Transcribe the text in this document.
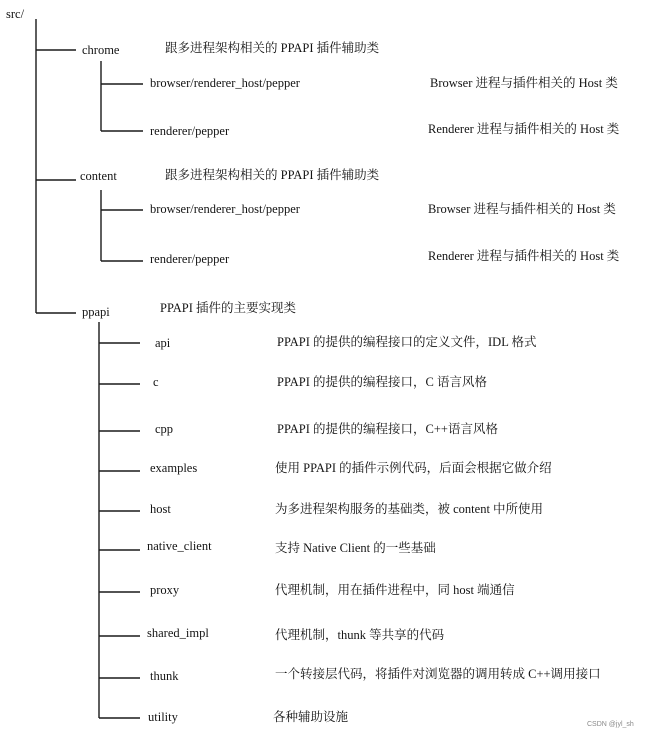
src/
chrome	跟多进程架构相关的 PPAPI 插件辅助类
browser/renderer_host/pepper	Browser 进程与插件相关的 Host 类
renderer/pepper	Renderer 进程与插件相关的 Host 类
content	跟多进程架构相关的 PPAPI 插件辅助类
browser/renderer_host/pepper	Browser 进程与插件相关的 Host 类
renderer/pepper	Renderer 进程与插件相关的 Host 类
ppapi	PPAPI 插件的主要实现类
api	PPAPI 的提供的编程接口的定义文件，IDL 格式
c	PPAPI 的提供的编程接口，C 语言风格
cpp	PPAPI 的提供的编程接口，C++语言风格
examples	使用 PPAPI 的插件示例代码，后面会根据它做介绍
host	为多进程架构服务的基础类，被 content 中所使用
native_client	支持 Native Client 的一些基础
proxy	代理机制，用在插件进程中，同 host 端通信
shared_impl	代理机制，thunk 等共享的代码
thunk	一个转接层代码，将插件对浏览器的调用转成 C++调用接口
utility	各种辅助设施
CSDN @jyl_sh
